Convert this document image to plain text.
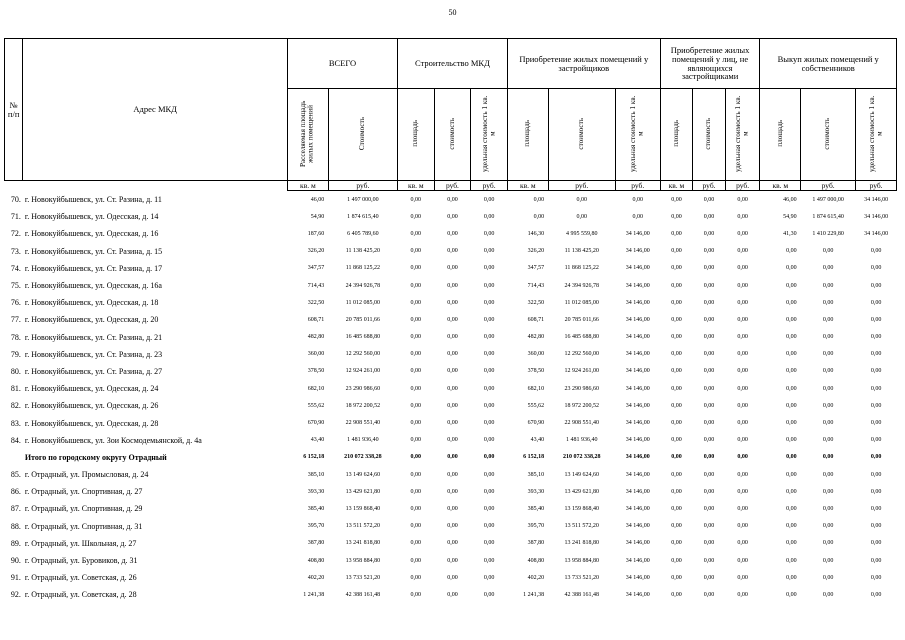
50
№ п/п	Адрес МКД	ВСЕГО		Строительство МКД			Приобретение жилых помещений у застройщиков			Приобретение жилых помещений у лиц, не являющихся застройщиками			Выкуп жилых помещений у собственников		
		Расселяемая площадь жилых помещений	Стоимость	площадь	стоимость	удельная стоимость 1 кв. м	площадь	стоимость	удельная стоимость 1 кв. м	площадь	стоимость	удельная стоимость 1 кв. м	площадь	стоимость	удельная стоимость 1 кв. м
		кв. м	руб.	кв. м	руб.	руб.	кв. м	руб.	руб.	кв. м	руб.	руб.	кв. м	руб.	руб.
70.	г. Новокуйбышевск, ул. Ст. Разина, д. 11	46,00	1 497 000,00	0,00	0,00	0,00	0,00	0,00	0,00	0,00	0,00	0,00	46,00	1 497 000,00	34 146,00
71.	г. Новокуйбышевск, ул. Одесская, д. 14	54,90	1 874 615,40	0,00	0,00	0,00	0,00	0,00	0,00	0,00	0,00	0,00	54,90	1 874 615,40	34 146,00
72.	г. Новокуйбышевск, ул. Одесская, д. 16	187,60	6 405 789,60	0,00	0,00	0,00	146,30	4 995 559,80	34 146,00	0,00	0,00	0,00	41,30	1 410 229,80	34 146,00
73.	г. Новокуйбышевск, ул. Ст. Разина, д. 15	326,20	11 138 425,20	0,00	0,00	0,00	326,20	11 138 425,20	34 146,00	0,00	0,00	0,00	0,00	0,00	0,00
74.	г. Новокуйбышевск, ул. Ст. Разина, д. 17	347,57	11 868 125,22	0,00	0,00	0,00	347,57	11 868 125,22	34 146,00	0,00	0,00	0,00	0,00	0,00	0,00
75.	г. Новокуйбышевск, ул. Одесская, д. 16а	714,43	24 394 926,78	0,00	0,00	0,00	714,43	24 394 926,78	34 146,00	0,00	0,00	0,00	0,00	0,00	0,00
76.	г. Новокуйбышевск, ул. Одесская, д. 18	322,50	11 012 085,00	0,00	0,00	0,00	322,50	11 012 085,00	34 146,00	0,00	0,00	0,00	0,00	0,00	0,00
77.	г. Новокуйбышевск, ул. Одесская, д. 20	608,71	20 785 011,66	0,00	0,00	0,00	608,71	20 785 011,66	34 146,00	0,00	0,00	0,00	0,00	0,00	0,00
78.	г. Новокуйбышевск, ул. Ст. Разина, д. 21	482,80	16 485 688,80	0,00	0,00	0,00	482,80	16 485 688,80	34 146,00	0,00	0,00	0,00	0,00	0,00	0,00
79.	г. Новокуйбышевск, ул. Ст. Разина, д. 23	360,00	12 292 560,00	0,00	0,00	0,00	360,00	12 292 560,00	34 146,00	0,00	0,00	0,00	0,00	0,00	0,00
80.	г. Новокуйбышевск, ул. Ст. Разина, д. 27	378,50	12 924 261,00	0,00	0,00	0,00	378,50	12 924 261,00	34 146,00	0,00	0,00	0,00	0,00	0,00	0,00
81.	г. Новокуйбышевск, ул. Одесская, д. 24	682,10	23 290 986,60	0,00	0,00	0,00	682,10	23 290 986,60	34 146,00	0,00	0,00	0,00	0,00	0,00	0,00
82.	г. Новокуйбышевск, ул. Одесская, д. 26	555,62	18 972 200,52	0,00	0,00	0,00	555,62	18 972 200,52	34 146,00	0,00	0,00	0,00	0,00	0,00	0,00
83.	г. Новокуйбышевск, ул. Одесская, д. 28	670,90	22 908 551,40	0,00	0,00	0,00	670,90	22 908 551,40	34 146,00	0,00	0,00	0,00	0,00	0,00	0,00
84.	г. Новокуйбышевск, ул. Зои Космодемьянской, д. 4а	43,40	1 481 936,40	0,00	0,00	0,00	43,40	1 481 936,40	34 146,00	0,00	0,00	0,00	0,00	0,00	0,00
	Итого по городскому округу Отрадный	6 152,18	210 072 338,28	0,00	0,00	0,00	6 152,18	210 072 338,28	34 146,00	0,00	0,00	0,00	0,00	0,00	0,00
85.	г. Отрадный, ул. Промысловая, д. 24	385,10	13 149 624,60	0,00	0,00	0,00	385,10	13 149 624,60	34 146,00	0,00	0,00	0,00	0,00	0,00	0,00
86.	г. Отрадный, ул. Спортивная, д. 27	393,30	13 429 621,80	0,00	0,00	0,00	393,30	13 429 621,80	34 146,00	0,00	0,00	0,00	0,00	0,00	0,00
87.	г. Отрадный, ул. Спортивная, д. 29	385,40	13 159 868,40	0,00	0,00	0,00	385,40	13 159 868,40	34 146,00	0,00	0,00	0,00	0,00	0,00	0,00
88.	г. Отрадный, ул. Спортивная, д. 31	395,70	13 511 572,20	0,00	0,00	0,00	395,70	13 511 572,20	34 146,00	0,00	0,00	0,00	0,00	0,00	0,00
89.	г. Отрадный, ул. Школьная, д. 27	387,80	13 241 818,80	0,00	0,00	0,00	387,80	13 241 818,80	34 146,00	0,00	0,00	0,00	0,00	0,00	0,00
90.	г. Отрадный, ул. Буровиков, д. 31	408,80	13 958 884,80	0,00	0,00	0,00	408,80	13 958 884,80	34 146,00	0,00	0,00	0,00	0,00	0,00	0,00
91.	г. Отрадный, ул. Советская, д. 26	402,20	13 733 521,20	0,00	0,00	0,00	402,20	13 733 521,20	34 146,00	0,00	0,00	0,00	0,00	0,00	0,00
92.	г. Отрадный, ул. Советская, д. 28	1 241,38	42 388 161,48	0,00	0,00	0,00	1 241,38	42 388 161,48	34 146,00	0,00	0,00	0,00	0,00	0,00	0,00
